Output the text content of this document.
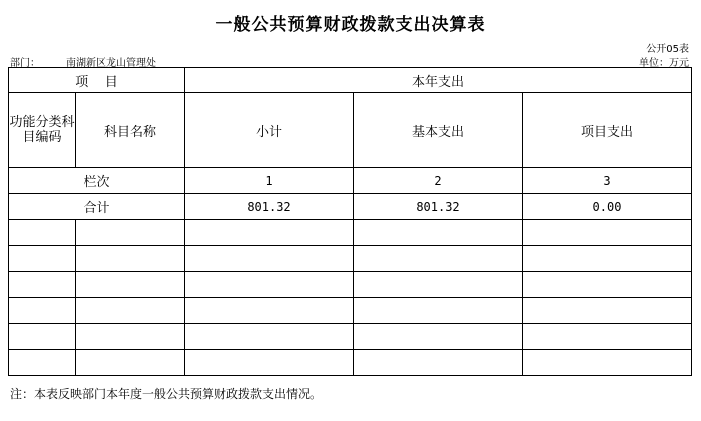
一般公共预算财政拨款支出决算表
公开05表
部门：	南湖新区龙山管理处	单位：万元
项    目		本年支出		
功能分类科目编码	科目名称	小计	基本支出	项目支出
栏次		1	2	3
合计		801.32	801.32	0.00

注：本表反映部门本年度一般公共预算财政拨款支出情况。
